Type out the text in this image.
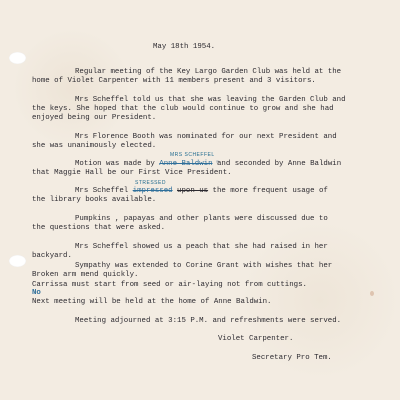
May 18th 1954.
Regular meeting of the Key Largo Garden Club was held at the
home of Violet Carpenter with 11 members present and 3 visitors.
Mrs Scheffel told us that she was leaving the Garden Club and
the keys. She hoped that the club would continue to grow and she had
enjoyed being our President.
Mrs Florence Booth was nominated for our next President and
she was unanimously elected.
MRS SCHEFFEL
Motion was made by Anne Baldwin and seconded by Anne Baldwin
that Maggie Hall be our First Vice President.
STRESSED
Mrs Scheffel impressed upon us the more frequent usage of
the library books available.
Pumpkins , papayas and other plants were discussed due to
the questions that were asked.
Mrs Scheffel showed us a peach that she had raised in her
backyard.
Sympathy was extended to Corine Grant with wishes that her
Broken arm mend quickly.
Carrissa must start from seed or air-laying not from cuttings.
No
Next meeting will be held at the home of Anne Baldwin.
Meeting adjourned at 3:15 P.M. and refreshments were served.
Violet Carpenter.
Secretary Pro Tem.
